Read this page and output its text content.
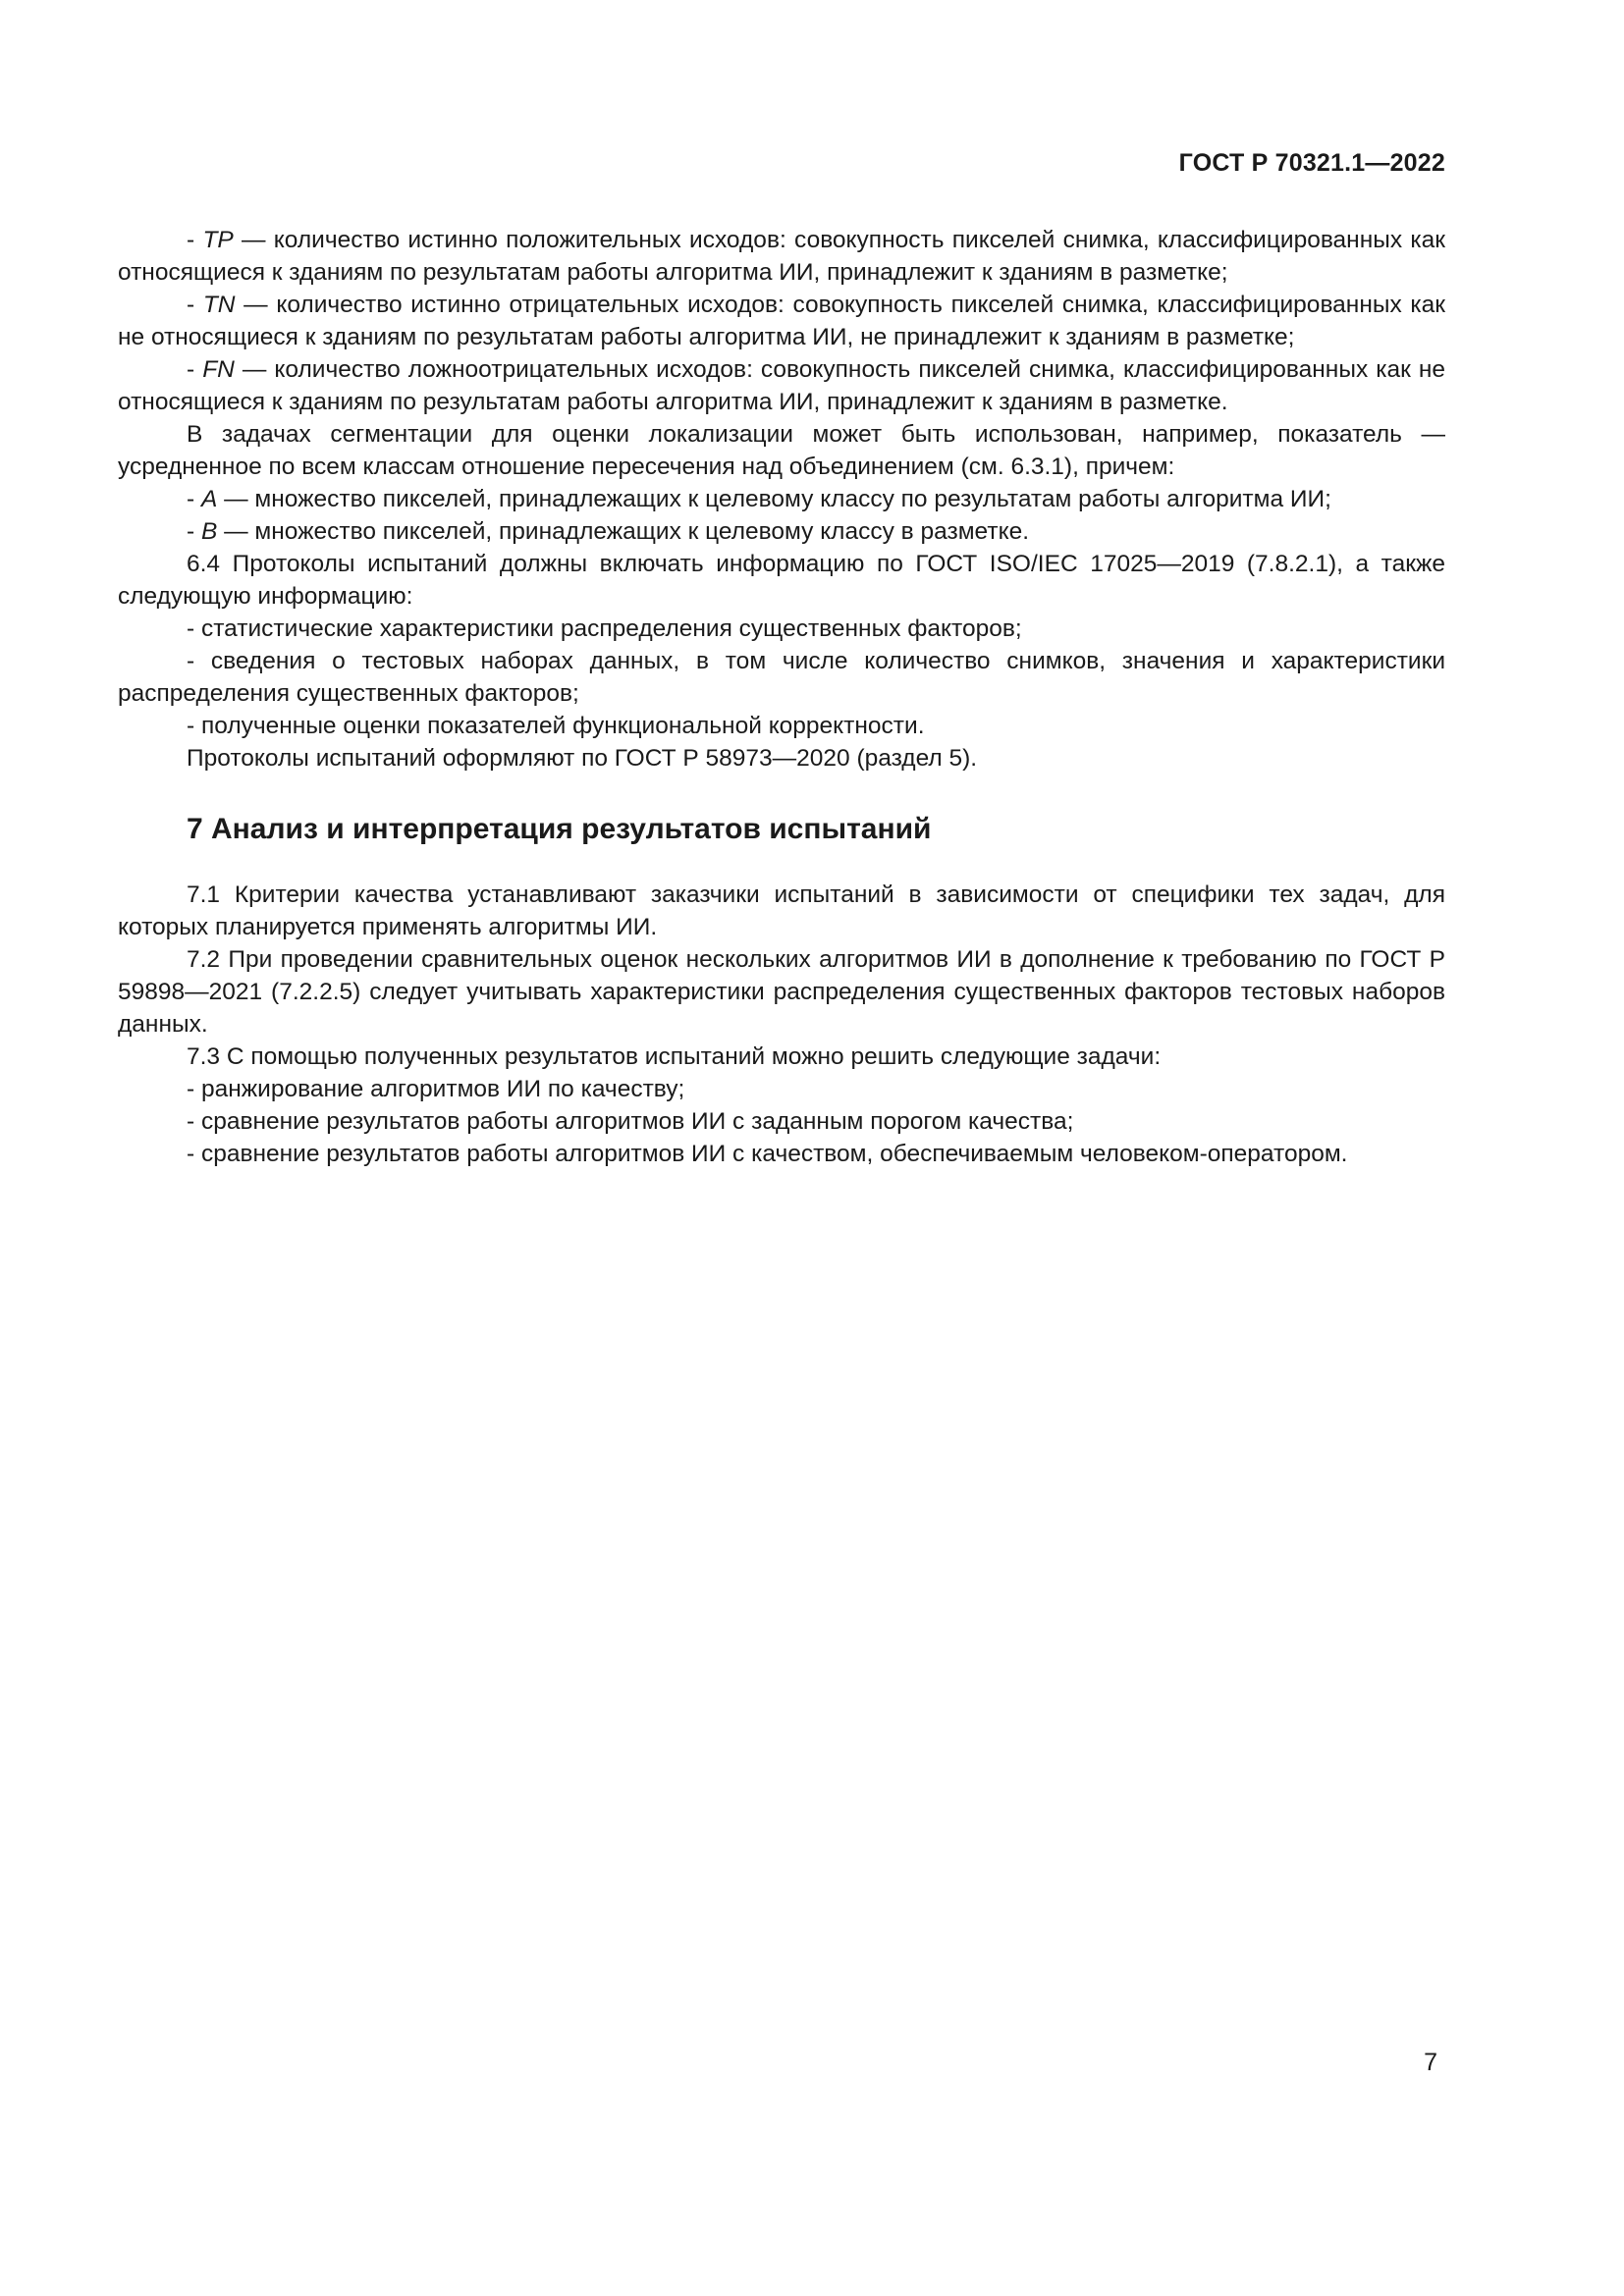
ГОСТ Р 70321.1—2022

- TP — количество истинно положительных исходов: совокупность пикселей снимка, классифицированных как относящиеся к зданиям по результатам работы алгоритма ИИ, принадлежит к зданиям в разметке;

- TN — количество истинно отрицательных исходов: совокупность пикселей снимка, классифицированных как не относящиеся к зданиям по результатам работы алгоритма ИИ, не принадлежит к зданиям в разметке;

- FN — количество ложноотрицательных исходов: совокупность пикселей снимка, классифицированных как не относящиеся к зданиям по результатам работы алгоритма ИИ, принадлежит к зданиям в разметке.

В задачах сегментации для оценки локализации может быть использован, например, показатель — усредненное по всем классам отношение пересечения над объединением (см. 6.3.1), причем:

- A — множество пикселей, принадлежащих к целевому классу по результатам работы алгоритма ИИ;

- B — множество пикселей, принадлежащих к целевому классу в разметке.

6.4 Протоколы испытаний должны включать информацию по ГОСТ ISO/IEC 17025—2019 (7.8.2.1), а также следующую информацию:

- статистические характеристики распределения существенных факторов;

- сведения о тестовых наборах данных, в том числе количество снимков, значения и характеристики распределения существенных факторов;

- полученные оценки показателей функциональной корректности.

Протоколы испытаний оформляют по ГОСТ Р 58973—2020 (раздел 5).

7 Анализ и интерпретация результатов испытаний

7.1 Критерии качества устанавливают заказчики испытаний в зависимости от специфики тех задач, для которых планируется применять алгоритмы ИИ.

7.2 При проведении сравнительных оценок нескольких алгоритмов ИИ в дополнение к требованию по ГОСТ Р 59898—2021 (7.2.2.5) следует учитывать характеристики распределения существенных факторов тестовых наборов данных.

7.3 С помощью полученных результатов испытаний можно решить следующие задачи:

- ранжирование алгоритмов ИИ по качеству;

- сравнение результатов работы алгоритмов ИИ с заданным порогом качества;

- сравнение результатов работы алгоритмов ИИ с качеством, обеспечиваемым человеком-оператором.

7
